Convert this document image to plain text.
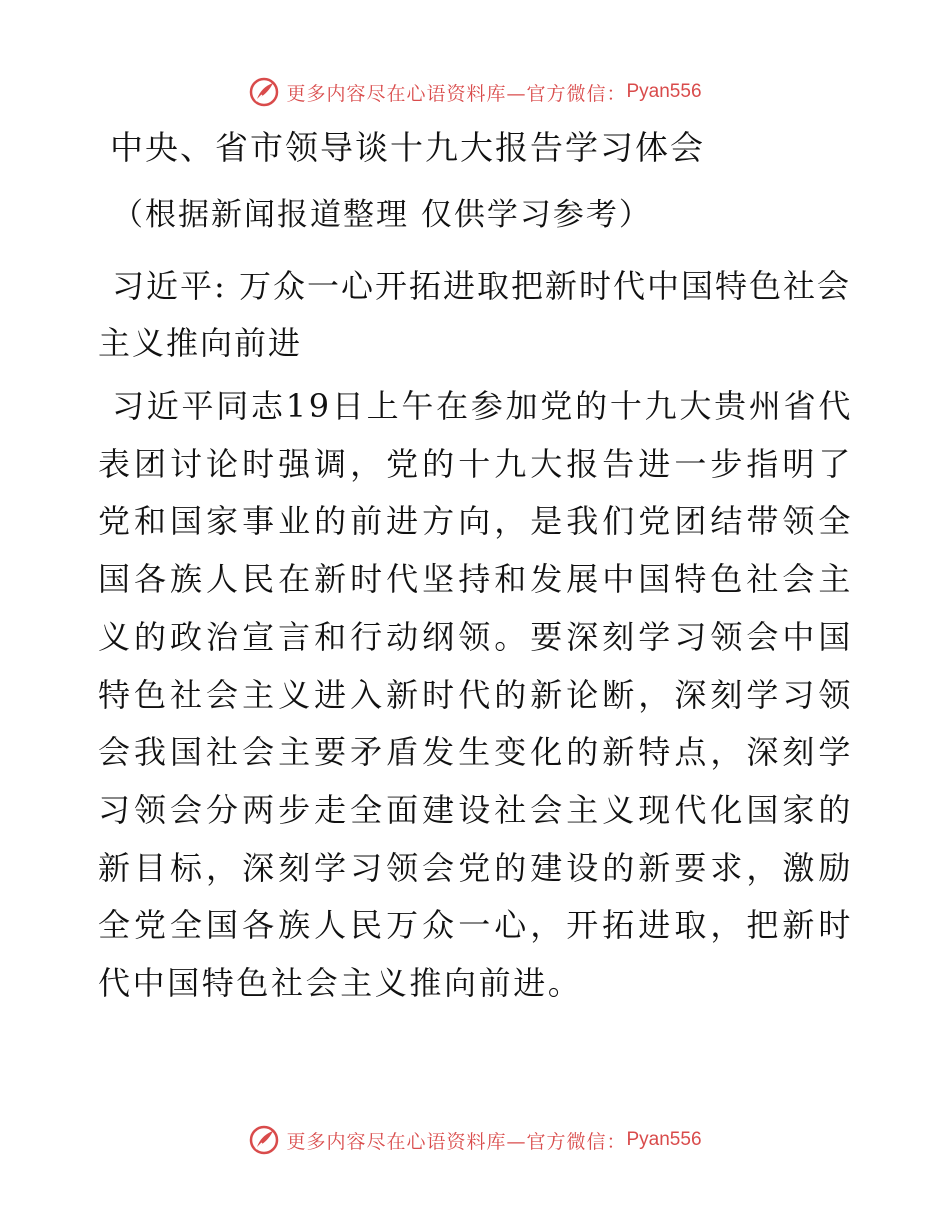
更多内容尽在心语资料库—官方微信： Pyan556
中央、省市领导谈十九大报告学习体会

（根据新闻报道整理 仅供学习参考）

习近平: 万众一心开拓进取把新时代中国特色社会主义推向前进

习近平同志19日上午在参加党的十九大贵州省代表团讨论时强调，党的十九大报告进一步指明了党和国家事业的前进方向，是我们党团结带领全国各族人民在新时代坚持和发展中国特色社会主义的政治宣言和行动纲领。要深刻学习领会中国特色社会主义进入新时代的新论断，深刻学习领会我国社会主要矛盾发生变化的新特点，深刻学习领会分两步走全面建设社会主义现代化国家的新目标，深刻学习领会党的建设的新要求，激励全党全国各族人民万众一心，开拓进取，把新时代中国特色社会主义推向前进。

更多内容尽在心语资料库—官方微信： Pyan556
